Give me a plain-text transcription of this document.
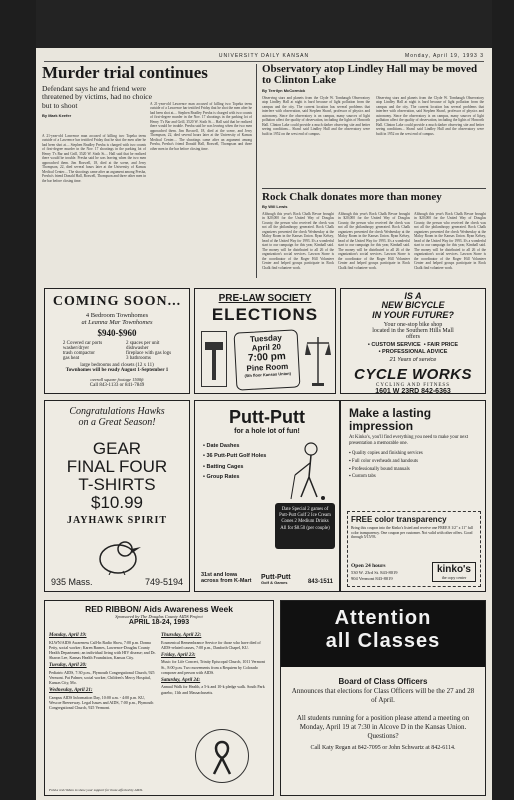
UNIVERSITY DAILY KANSAN	Monday, April 19, 1993 3
Murder trial continues
Defendant says he and friend were threatened by victims, had no choice but to shoot
By Mark Keefer
A 21-year-old Lawrence man accused of killing two Topeka teens outside of a Lawrence bar testified Friday that he shot the men after he had been shot at.... Stephen Bradley Presba is charged with two counts of first-degree murder in the Nov. 17 shootings in the parking lot of Henry T's Bar and Grill, 3520 W. Sixth St.... Hall said that he realized there would be trouble. Presba said he was leaving when the two men approached them. Jim Boswell, 18, died at the scene, and Jerry Thompson, 22, died several hours later at the University of Kansas Medical Center.... The shootings came after an argument among Presba, Presba's friend Donald Hall, Boswell, Thompson and three other men in the bar before closing time.
A 21-year-old Lawrence man accused of killing two Topeka teens outside of a Lawrence bar testified Friday that he shot the men after he had been shot at.... Stephen Bradley Presba is charged with two counts of first-degree murder in the Nov. 17 shootings in the parking lot of Henry T's Bar and Grill, 3520 W. Sixth St.... Hall said that he realized there would be trouble. Presba said he was leaving when the two men approached them. Jim Boswell, 18, died at the scene, and Jerry Thompson, 22, died several hours later at the University of Kansas Medical Center.... The shootings came after an argument among Presba, Presba's friend Donald Hall, Boswell, Thompson and three other men in the bar before closing time.
Observatory atop Lindley Hall may be moved to Clinton Lake
By Terrilyn McCormick
Observing stars and planets from the Clyde W. Tombaugh Observatory atop Lindley Hall at night is hard because of light pollution from the campus and the city. The current location has several problems that interfere with observation, said Stephen Shawl, professor of physics and astronomy. Since the observatory is on campus, many sources of light pollution affect the quality of observation, including the lights of Haworth Hall. Clinton Lake could provide a much darker observing site and better seeing conditions... Shawl said Lindley Hall and the observatory were built in 1952 on the west end of campus.
Observing stars and planets from the Clyde W. Tombaugh Observatory atop Lindley Hall at night is hard because of light pollution from the campus and the city. The current location has several problems that interfere with observation, said Stephen Shawl, professor of physics and astronomy. Since the observatory is on campus, many sources of light pollution affect the quality of observation, including the lights of Haworth Hall. Clinton Lake could provide a much darker observing site and better seeing conditions... Shawl said Lindley Hall and the observatory were built in 1952 on the west end of campus.
Rock Chalk donates more than money
By Will Lewis
Although this year's Rock Chalk Revue brought in $20,000 for the United Way of Douglas County, the person who received the check was not all the philanthropy generated. Rock Chalk organizers presented the check Wednesday at the Maloy Room in the Kansas Union. Ryan Kelsey, head of the United Way for 1993. It's a wonderful start to our campaign for this year, Kimball said. The money will be distributed to all 26 of the organization's social services. Lawson Stone is the coordinator of the Roger Hill Volunteer Center and helped groups participate in Rock Chalk find volunteer work.
Although this year's Rock Chalk Revue brought in $20,000 for the United Way of Douglas County, the person who received the check was not all the philanthropy generated. Rock Chalk organizers presented the check Wednesday at the Maloy Room in the Kansas Union. Ryan Kelsey, head of the United Way for 1993. It's a wonderful start to our campaign for this year, Kimball said. The money will be distributed to all 26 of the organization's social services. Lawson Stone is the coordinator of the Roger Hill Volunteer Center and helped groups participate in Rock Chalk find volunteer work.
Although this year's Rock Chalk Revue brought in $20,000 for the United Way of Douglas County, the person who received the check was not all the philanthropy generated. Rock Chalk organizers presented the check Wednesday at the Maloy Room in the Kansas Union. Ryan Kelsey, head of the United Way for 1993. It's a wonderful start to our campaign for this year, Kimball said. The money will be distributed to all 26 of the organization's social services. Lawson Stone is the coordinator of the Roger Hill Volunteer Center and helped groups participate in Rock Chalk find volunteer work.
COMING SOON...
4 Bedroom Townhomes
at Leanna Mar Townhomes
$940-$960
2 Covered car ports
washer/dryer
trash compactor
gas heat
2 spaces per unit
dishwasher
fireplace with gas logs
3 bathrooms
large bedrooms and closets (12 x 11)
Townhomes will be ready August 1-September 1
overall square footage 1500ft
Call 843-1133 or 841-7849
PRE-LAW SOCIETY
ELECTIONS
Tuesday
April 20
7:00 pm
Pine Room
(5th floor Kansas Union)
IS A
NEW BICYCLE
IN YOUR FUTURE?
Your one-stop bike shop
located in the Southern Hills Mall
offers
• CUSTOM SERVICE  • FAIR PRICE
• PROFESSIONAL ADVICE
21 Years of service
CYCLE WORKS
CYCLING AND FITNESS
1601 W 23RD 842-6363
Congratulations Hawks
on a Great Season!
GEAR
FINAL FOUR
T-SHIRTS
$10.99
JAYHAWK SPIRIT
935 Mass.	749-5194
Putt-Putt
for a hole lot of fun!
• Date Dashes
• 36 Putt-Putt Golf Holes
• Batting Cages
• Group Rates
Date Special 2 games of Putt-Putt Golf 2 Ice Cream Cones 2 Medium Drinks All for $8.50 (per couple)
31st and Iowa
across from K-Mart
Putt-Putt
Golf & Games	843-1511
Make a lasting
impression
At Kinko's, you'll find everything you need to make your next presentation a memorable one.
▪ Quality copies and finishing services
▪ Full color overheads and handouts
▪ Professionally bound manuals
▪ Custom tabs
FREE color transparency
Bring this coupon into the Kinko's listed and receive one FREE 8 1/2" x 11" full color transparency. One coupon per customer. Not valid with other offers. Good through 5/15/93.
Open 24 hours
530 W. 23rd St. 843-8019
904 Vermont 843-8019
kinko's
the copy center
RED RIBBON/ Aids Awareness Week
Sponsored by The Douglas County AIDS Project
APRIL 18-24, 1993
Monday, April 19:
KLWN/AIDS Awareness Call-In Radio Show, 7:00 p.m. Donna Petty, social worker; Karen Barnes, Lawrence-Douglas County Health Department; an individual living with HIV disease; and Dr. Sharon Lee, Kansas Health Foundation, Kansas City.
Tuesday, April 20:
Pediatric AIDS, 7:30 p.m., Plymouth Congregational Church, 925 Vermont. Pat Palmer, social worker, Children's Mercy Hospital, Kansas City, Mo.
Wednesday, April 21:
Campus AIDS Information Day, 10:00 a.m. - 4:00 p.m. KU, Wescoe Breezeway. Legal Issues and AIDS, 7:00 p.m., Plymouth Congregational Church, 925 Vermont.
Thursday, April 22:
Ecumenical Remembrance Service for those who have died of AIDS-related causes, 7:00 p.m., Danforth Chapel, KU.
Friday, April 23:
Music for Life Concert, Trinity Episcopal Church, 1011 Vermont St., 8:00 p.m. Two movements from a Requiem by Colorado composer and person with AIDS.
Saturday, April 24:
Annual Walk for Health, a 5-k and 10-k pledge walk. South Park gazebo, 11th and Massachusetts.
Fold a red ribbon to show your support for those affected by AIDS.
Attention
all Classes
Board of Class Officers
Announces that elections for Class Officers will be the 27 and 28 of April.
All students running for a position please attend a meeting on Monday, April 19 at 7:30 in Alcove D in the Kansas Union. Questions?
Call Katy Regan at 842-7095 or John Schwartz at 842-6114.
